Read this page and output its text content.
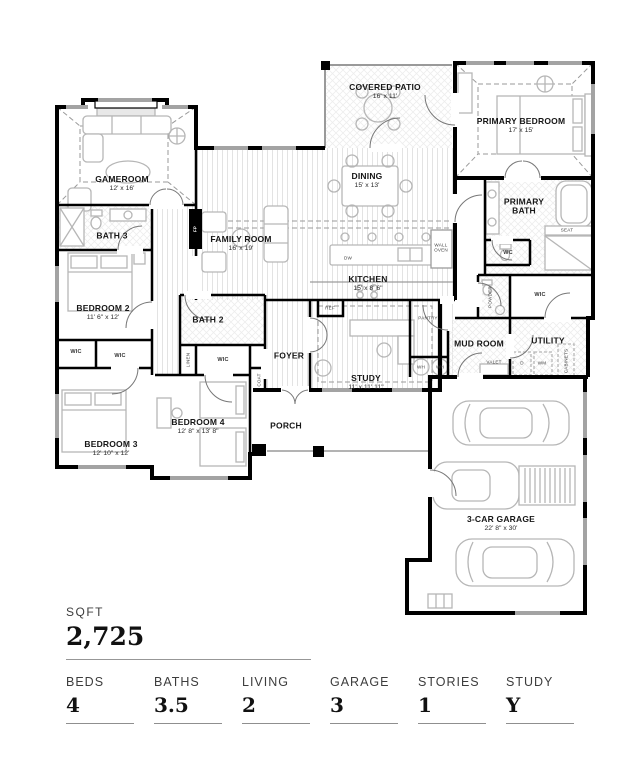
GAMEROOM
12' x 16'
BATH 3
BEDROOM 2
11' 6" x 12'
BEDROOM 3
12' 10" x 12'
BEDROOM 4
12' 8" x 13' 8"
BATH 2
FAMILY ROOM
16' x 19'
DINING
15' x 13'
KITCHEN
15' x 8' 6"
COVERED PATIO
16' x 11'
PRIMARY BEDROOM
17' x 15'
PRIMARY BATH
FOYER
STUDY
11' x 11' 11"
PORCH
MUD ROOM	UTILITY
3-CAR GARAGE
22' 8" x 30'
WC
SEAT
WIC
POWDER
PANTRY
VALET	D	WM	CABINETS
WH WH
REF
DW
WALL OVEN
WIC
WIC	LINEN	WIC
COAT
FP
SQFT
2,725
BEDS
4
BATHS
3.5
LIVING
2
GARAGE
3
STORIES
1
STUDY
Y
